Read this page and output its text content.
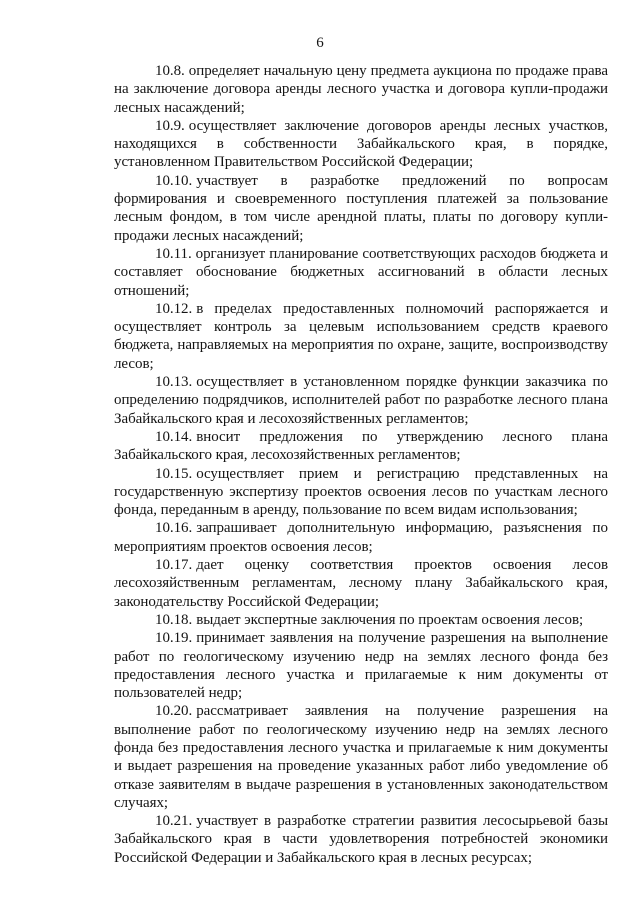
6

10.8. определяет начальную цену предмета аукциона по продаже права на заключение договора аренды лесного участка и договора купли-продажи лесных насаждений;

10.9. осуществляет заключение договоров аренды лесных участков, находящихся в собственности Забайкальского края, в порядке, установленном Правительством Российской Федерации;

10.10. участвует в разработке предложений по вопросам формирования и своевременного поступления платежей за пользование лесным фондом, в том числе арендной платы, платы по договору купли-продажи лесных насаждений;

10.11. организует планирование соответствующих расходов бюджета и составляет обоснование бюджетных ассигнований в области лесных отношений;

10.12. в пределах предоставленных полномочий распоряжается и осуществляет контроль за целевым использованием средств краевого бюджета, направляемых на мероприятия по охране, защите, воспроизводству лесов;

10.13. осуществляет в установленном порядке функции заказчика по определению подрядчиков, исполнителей работ по разработке лесного плана Забайкальского края и лесохозяйственных регламентов;

10.14. вносит предложения по утверждению лесного плана Забайкальского края, лесохозяйственных регламентов;

10.15. осуществляет прием и регистрацию представленных на государственную экспертизу проектов освоения лесов по участкам лесного фонда, переданным в аренду, пользование по всем видам использования;

10.16. запрашивает дополнительную информацию, разъяснения по мероприятиям проектов освоения лесов;

10.17. дает оценку соответствия проектов освоения лесов лесохозяйственным регламентам, лесному плану Забайкальского края, законодательству Российской Федерации;

10.18. выдает экспертные заключения по проектам освоения лесов;

10.19. принимает заявления на получение разрешения на выполнение работ по геологическому изучению недр на землях лесного фонда без предоставления лесного участка и прилагаемые к ним документы от пользователей недр;

10.20. рассматривает заявления на получение разрешения на выполнение работ по геологическому изучению недр на землях лесного фонда без предоставления лесного участка и прилагаемые к ним документы и выдает разрешения на проведение указанных работ либо уведомление об отказе заявителям в выдаче разрешения в установленных законодательством случаях;

10.21. участвует в разработке стратегии развития лесосырьевой базы Забайкальского края в части удовлетворения потребностей экономики Российской Федерации и Забайкальского края в лесных ресурсах;
